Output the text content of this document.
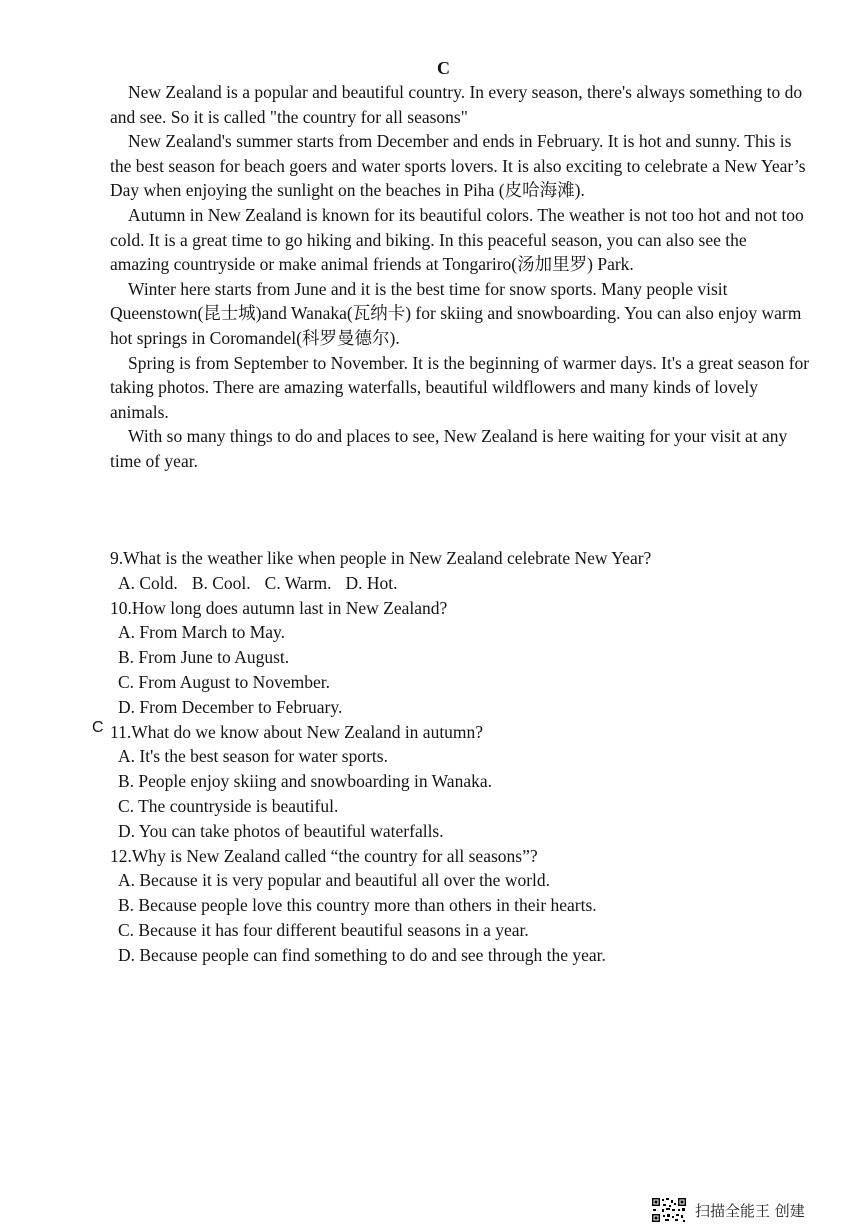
C

New Zealand is a popular and beautiful country. In every season, there's always something to do and see. So it is called "the country for all seasons"

New Zealand's summer starts from December and ends in February. It is hot and sunny. This is the best season for beach goers and water sports lovers. It is also exciting to celebrate a New Year’s Day when enjoying the sunlight on the beaches in Piha (皮哈海滩).

Autumn in New Zealand is known for its beautiful colors. The weather is not too hot and not too cold. It is a great time to go hiking and biking. In this peaceful season, you can also see the amazing countryside or make animal friends at Tongariro(汤加里罗) Park.

Winter here starts from June and it is the best time for snow sports. Many people visit Queenstown(昆士城)and Wanaka(瓦纳卡) for skiing and snowboarding. You can also enjoy warm hot springs in Coromandel(科罗曼德尔).

Spring is from September to November. It is the beginning of warmer days. It's a great season for taking photos. There are amazing waterfalls, beautiful wildflowers and many kinds of lovely animals.

With so many things to do and places to see, New Zealand is here waiting for your visit at any time of year.

9.What is the weather like when people in New Zealand celebrate New Year?

A. Cold. B. Cool. C. Warm. D. Hot.

10.How long does autumn last in New Zealand?

A. From March to May.

B. From June to August.

C. From August to November.

D. From December to February.

11.What do we know about New Zealand in autumn?

A. It's the best season for water sports.

B. People enjoy skiing and snowboarding in Wanaka.

C. The countryside is beautiful.

D. You can take photos of beautiful waterfalls.

12.Why is New Zealand called “the country for all seasons”?

A. Because it is very popular and beautiful all over the world.

B. Because people love this country more than others in their hearts.

C. Because it has four different beautiful seasons in a year.

D. Because people can find something to do and see through the year.

C
扫描全能王 创建
